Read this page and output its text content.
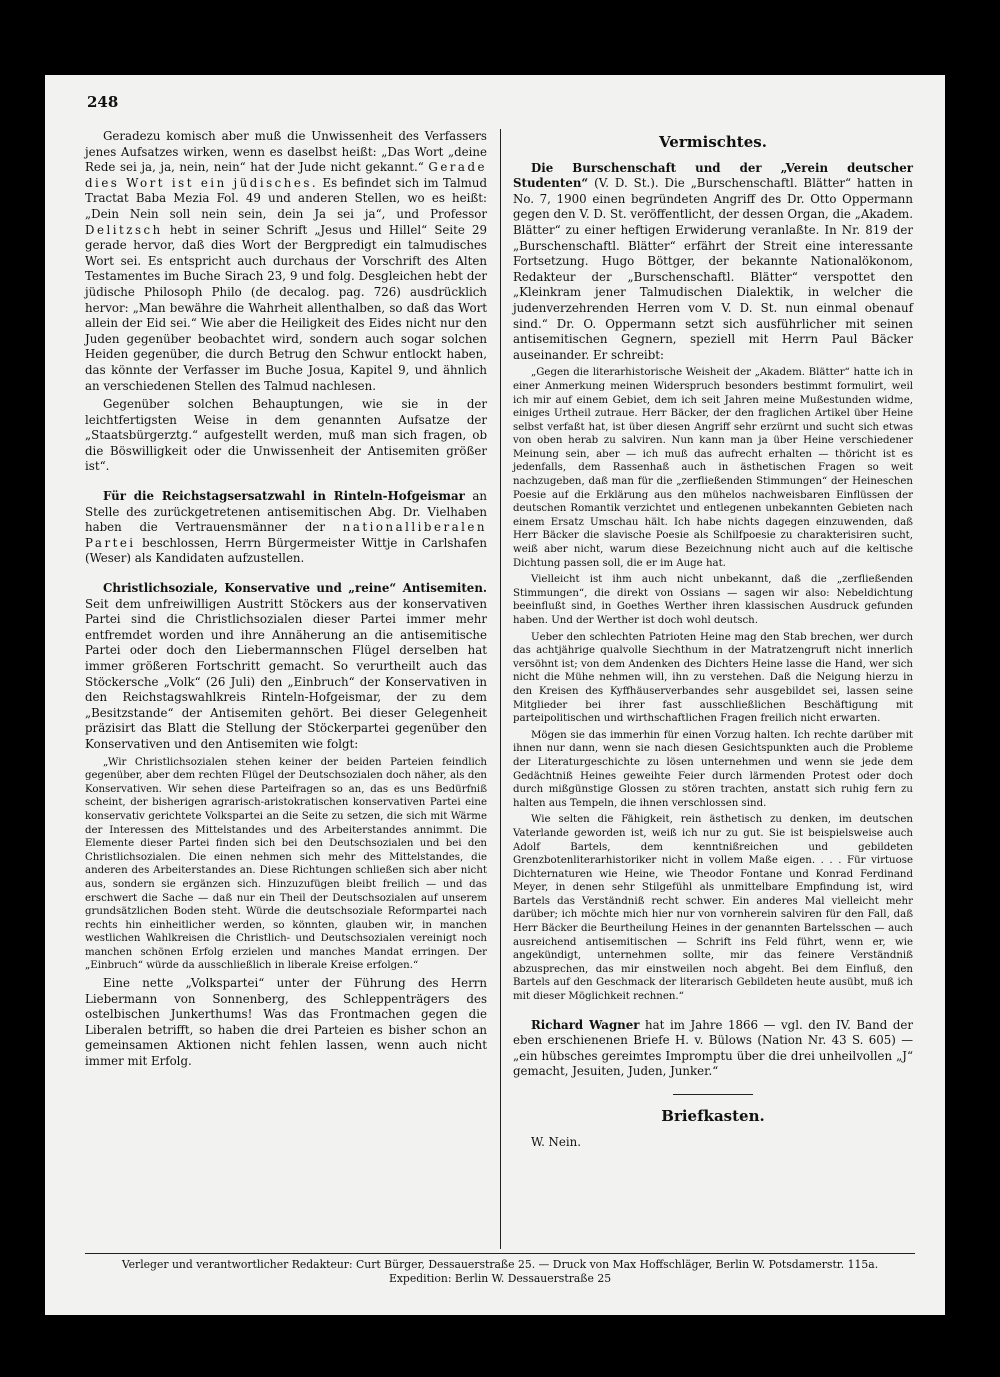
248

Geradezu komisch aber muß die Unwissenheit des Verfassers jenes Aufsatzes wirken, wenn es daselbst heißt: „Das Wort „deine Rede sei ja, ja, nein, nein“ hat der Jude nicht gekannt.“ Gerade dies Wort ist ein jüdisches. Es befindet sich im Talmud Tractat Baba Mezia Fol. 49 und anderen Stellen, wo es heißt: „Dein Nein soll nein sein, dein Ja sei ja“, und Professor Delitzsch hebt in seiner Schrift „Jesus und Hillel“ Seite 29 gerade hervor, daß dies Wort der Bergpredigt ein talmudisches Wort sei. Es entspricht auch durchaus der Vorschrift des Alten Testamentes im Buche Sirach 23, 9 und folg. Desgleichen hebt der jüdische Philosoph Philo (de decalog. pag. 726) ausdrücklich hervor: „Man bewähre die Wahrheit allenthalben, so daß das Wort allein der Eid sei.“ Wie aber die Heiligkeit des Eides nicht nur den Juden gegenüber beobachtet wird, sondern auch sogar solchen Heiden gegenüber, die durch Betrug den Schwur entlockt haben, das könnte der Verfasser im Buche Josua, Kapitel 9, und ähnlich an verschiedenen Stellen des Talmud nachlesen.

Gegenüber solchen Behauptungen, wie sie in der leichtfertigsten Weise in dem genannten Aufsatze der „Staatsbürgerztg.“ aufgestellt werden, muß man sich fragen, ob die Böswilligkeit oder die Unwissenheit der Antisemiten größer ist“.

Für die Reichstagsersatzwahl in Rinteln-Hofgeismar an Stelle des zurückgetretenen antisemitischen Abg. Dr. Vielhaben haben die Vertrauensmänner der nationalliberalen Partei beschlossen, Herrn Bürgermeister Wittje in Carlshafen (Weser) als Kandidaten aufzustellen.

Christlichsoziale, Konservative und „reine“ Antisemiten. Seit dem unfreiwilligen Austritt Stöckers aus der konservativen Partei sind die Christlichsozialen dieser Partei immer mehr entfremdet worden und ihre Annäherung an die antisemitische Partei oder doch den Liebermannschen Flügel derselben hat immer größeren Fortschritt gemacht. So verurtheilt auch das Stöckersche „Volk“ (26 Juli) den „Einbruch“ der Konservativen in den Reichstagswahlkreis Rinteln-Hofgeismar, der zu dem „Besitzstande“ der Antisemiten gehört. Bei dieser Gelegenheit präzisirt das Blatt die Stellung der Stöckerpartei gegenüber den Konservativen und den Antisemiten wie folgt:

„Wir Christlichsozialen stehen keiner der beiden Parteien feindlich gegenüber, aber dem rechten Flügel der Deutschsozialen doch näher, als den Konservativen. Wir sehen diese Parteifragen so an, das es uns Bedürfniß scheint, der bisherigen agrarisch-aristokratischen konservativen Partei eine konservativ gerichtete Volkspartei an die Seite zu setzen, die sich mit Wärme der Interessen des Mittelstandes und des Arbeiterstandes annimmt. Die Elemente dieser Partei finden sich bei den Deutschsozialen und bei den Christlichsozialen. Die einen nehmen sich mehr des Mittelstandes, die anderen des Arbeiterstandes an. Diese Richtungen schließen sich aber nicht aus, sondern sie ergänzen sich. Hinzuzufügen bleibt freilich — und das erschwert die Sache — daß nur ein Theil der Deutschsozialen auf unserem grundsätzlichen Boden steht. Würde die deutschsoziale Reformpartei nach rechts hin einheitlicher werden, so könnten, glauben wir, in manchen westlichen Wahlkreisen die Christlich- und Deutschsozialen vereinigt noch manchen schönen Erfolg erzielen und manches Mandat erringen. Der „Einbruch“ würde da ausschließlich in liberale Kreise erfolgen.“

Eine nette „Volkspartei“ unter der Führung des Herrn Liebermann von Sonnenberg, des Schleppenträgers des ostelbischen Junkerthums! Was das Frontmachen gegen die Liberalen betrifft, so haben die drei Parteien es bisher schon an gemeinsamen Aktionen nicht fehlen lassen, wenn auch nicht immer mit Erfolg.

Vermischtes.

Die Burschenschaft und der „Verein deutscher Studenten“ (V. D. St.). Die „Burschenschaftl. Blätter“ hatten in No. 7, 1900 einen begründeten Angriff des Dr. Otto Oppermann gegen den V. D. St. veröffentlicht, der dessen Organ, die „Akadem. Blätter“ zu einer heftigen Erwiderung veranlaßte. In Nr. 819 der „Burschenschaftl. Blätter“ erfährt der Streit eine interessante Fortsetzung. Hugo Böttger, der bekannte Nationalökonom, Redakteur der „Burschenschaftl. Blätter“ verspottet den „Kleinkram jener Talmudischen Dialektik, in welcher die judenverzehrenden Herren vom V. D. St. nun einmal obenauf sind.“ Dr. O. Oppermann setzt sich ausführlicher mit seinen antisemitischen Gegnern, speziell mit Herrn Paul Bäcker auseinander. Er schreibt:

„Gegen die literarhistorische Weisheit der „Akadem. Blätter“ hatte ich in einer Anmerkung meinen Widerspruch besonders bestimmt formulirt, weil ich mir auf einem Gebiet, dem ich seit Jahren meine Mußestunden widme, einiges Urtheil zutraue. Herr Bäcker, der den fraglichen Artikel über Heine selbst verfaßt hat, ist über diesen Angriff sehr erzürnt und sucht sich etwas von oben herab zu salviren. Nun kann man ja über Heine verschiedener Meinung sein, aber — ich muß das aufrecht erhalten — thöricht ist es jedenfalls, dem Rassenhaß auch in ästhetischen Fragen so weit nachzugeben, daß man für die „zerfließenden Stimmungen“ der Heineschen Poesie auf die Erklärung aus den mühelos nachweisbaren Einflüssen der deutschen Romantik verzichtet und entlegenen unbekannten Gebieten nach einem Ersatz Umschau hält. Ich habe nichts dagegen einzuwenden, daß Herr Bäcker die slavische Poesie als Schilfpoesie zu charakterisiren sucht, weiß aber nicht, warum diese Bezeichnung nicht auch auf die keltische Dichtung passen soll, die er im Auge hat.

Vielleicht ist ihm auch nicht unbekannt, daß die „zerfließenden Stimmungen“, die direkt von Ossians — sagen wir also: Nebeldichtung beeinflußt sind, in Goethes Werther ihren klassischen Ausdruck gefunden haben. Und der Werther ist doch wohl deutsch.

Ueber den schlechten Patrioten Heine mag den Stab brechen, wer durch das achtjährige qualvolle Siechthum in der Matratzengruft nicht innerlich versöhnt ist; von dem Andenken des Dichters Heine lasse die Hand, wer sich nicht die Mühe nehmen will, ihn zu verstehen. Daß die Neigung hierzu in den Kreisen des Kyffhäuserverbandes sehr ausgebildet sei, lassen seine Mitglieder bei ihrer fast ausschließlichen Beschäftigung mit parteipolitischen und wirthschaftlichen Fragen freilich nicht erwarten.

Mögen sie das immerhin für einen Vorzug halten. Ich rechte darüber mit ihnen nur dann, wenn sie nach diesen Gesichtspunkten auch die Probleme der Literaturgeschichte zu lösen unternehmen und wenn sie jede dem Gedächtniß Heines geweihte Feier durch lärmenden Protest oder doch durch mißgünstige Glossen zu stören trachten, anstatt sich ruhig fern zu halten aus Tempeln, die ihnen verschlossen sind.

Wie selten die Fähigkeit, rein ästhetisch zu denken, im deutschen Vaterlande geworden ist, weiß ich nur zu gut. Sie ist beispielsweise auch Adolf Bartels, dem kenntnißreichen und gebildeten Grenzbotenliterarhistoriker nicht in vollem Maße eigen. . . . Für virtuose Dichternaturen wie Heine, wie Theodor Fontane und Konrad Ferdinand Meyer, in denen sehr Stilgefühl als unmittelbare Empfindung ist, wird Bartels das Verständniß recht schwer. Ein anderes Mal vielleicht mehr darüber; ich möchte mich hier nur von vornherein salviren für den Fall, daß Herr Bäcker die Beurtheilung Heines in der genannten Bartelsschen — auch ausreichend antisemitischen — Schrift ins Feld führt, wenn er, wie angekündigt, unternehmen sollte, mir das feinere Verständniß abzusprechen, das mir einstweilen noch abgeht. Bei dem Einfluß, den Bartels auf den Geschmack der literarisch Gebildeten heute ausübt, muß ich mit dieser Möglichkeit rechnen.“

Richard Wagner hat im Jahre 1866 — vgl. den IV. Band der eben erschienenen Briefe H. v. Bülows (Nation Nr. 43 S. 605) — „ein hübsches gereimtes Impromptu über die drei unheilvollen „J“ gemacht, Jesuiten, Juden, Junker.“

Briefkasten.

W. Nein.

Verleger und verantwortlicher Redakteur: Curt Bürger, Dessauerstraße 25. — Druck von Max Hoffschläger, Berlin W. Potsdamerstr. 115a.
Expedition: Berlin W. Dessauerstraße 25
